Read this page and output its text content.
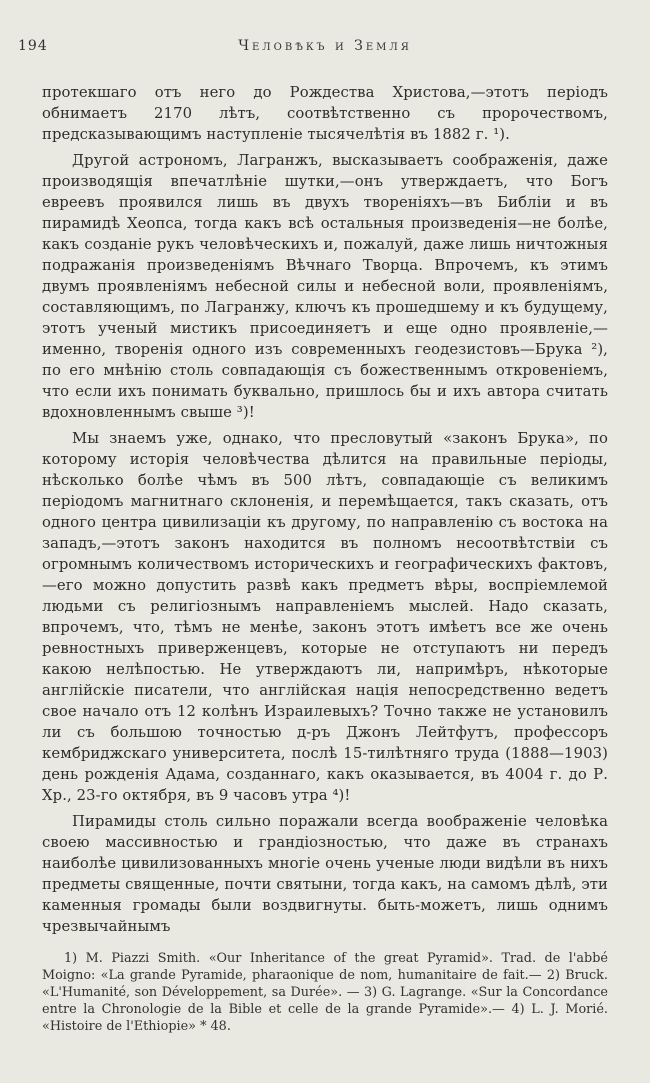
194	Человѣкъ и Земля

протекшаго отъ него до Рождества Христова,—этотъ періодъ обнимаетъ 2170 лѣтъ, соотвѣтственно съ пророчествомъ, предсказывающимъ наступленіе тысячелѣтія въ 1882 г. ¹).

Другой астрономъ, Лагранжъ, высказываетъ соображенія, даже производящія впечатлѣніе шутки,—онъ утверждаетъ, что Богъ евреевъ проявился лишь въ двухъ твореніяхъ—въ Библіи и въ пирамидѣ Хеопса, тогда какъ всѣ остальныя произведенія—не болѣе, какъ созданіе рукъ человѣческихъ и, пожалуй, даже лишь ничтожныя подражанія произведеніямъ Вѣчнаго Творца. Впрочемъ, къ этимъ двумъ проявленіямъ небесной силы и небесной воли, проявленіямъ, составляющимъ, по Лагранжу, ключъ къ прошедшему и къ будущему, этотъ ученый мистикъ присоединяетъ и еще одно проявленіе,—именно, творенія одного изъ современныхъ геодезистовъ—Брука ²), по его мнѣнію столь совпадающія съ божественнымъ откровеніемъ, что если ихъ понимать буквально, пришлось бы и ихъ автора считать вдохновленнымъ свыше ³)!

Мы знаемъ уже, однако, что пресловутый «законъ Брука», по которому исторія человѣчества дѣлится на правильные періоды, нѣсколько болѣе чѣмъ въ 500 лѣтъ, совпадающіе съ великимъ періодомъ магнитнаго склоненія, и перемѣщается, такъ сказать, отъ одного центра цивилизаціи къ другому, по направленію съ востока на западъ,—этотъ законъ находится въ полномъ несоотвѣтствіи съ огромнымъ количествомъ историческихъ и географическихъ фактовъ,—его можно допустить развѣ какъ предметъ вѣры, воспріемлемой людьми съ религіознымъ направленіемъ мыслей. Надо сказать, впрочемъ, что, тѣмъ не менѣе, законъ этотъ имѣетъ все же очень ревностныхъ приверженцевъ, которые не отступаютъ ни передъ какою нелѣпостью. Не утверждаютъ ли, напримѣръ, нѣкоторые англійскіе писатели, что англійская нація непосредственно ведетъ свое начало отъ 12 колѣнъ Израилевыхъ? Точно также не установилъ ли съ большою точностью д-ръ Джонъ Лейтфутъ, профессоръ кембриджскаго университета, послѣ 15-тилѣтняго труда (1888—1903) день рожденія Адама, созданнаго, какъ оказывается, въ 4004 г. до Р. Хр., 23-го октября, въ 9 часовъ утра ⁴)!

Пирамиды столь сильно поражали всегда воображеніе человѣка своею массивностью и грандіозностью, что даже въ странахъ наиболѣе цивилизованныхъ многіе очень ученые люди видѣли въ нихъ предметы священные, почти святыни, тогда какъ, на самомъ дѣлѣ, эти каменныя громады были воздвигнуты. быть-можетъ, лишь однимъ чрезвычайнымъ

1) M. Piazzi Smith. «Our Inheritance of the great Pyramid». Trad. de l'abbé Moigno: «La grande Pyramide, pharaonique de nom, humanitaire de fait.— 2) Bruck. «L'Humanité, son Développement, sa Durée». — 3) G. Lagrange. «Sur la Concordance entre la Chronologie de la Bible et celle de la grande Pyramide».— 4) L. J. Morié. «Histoire de l'Ethiopie» * 48.
